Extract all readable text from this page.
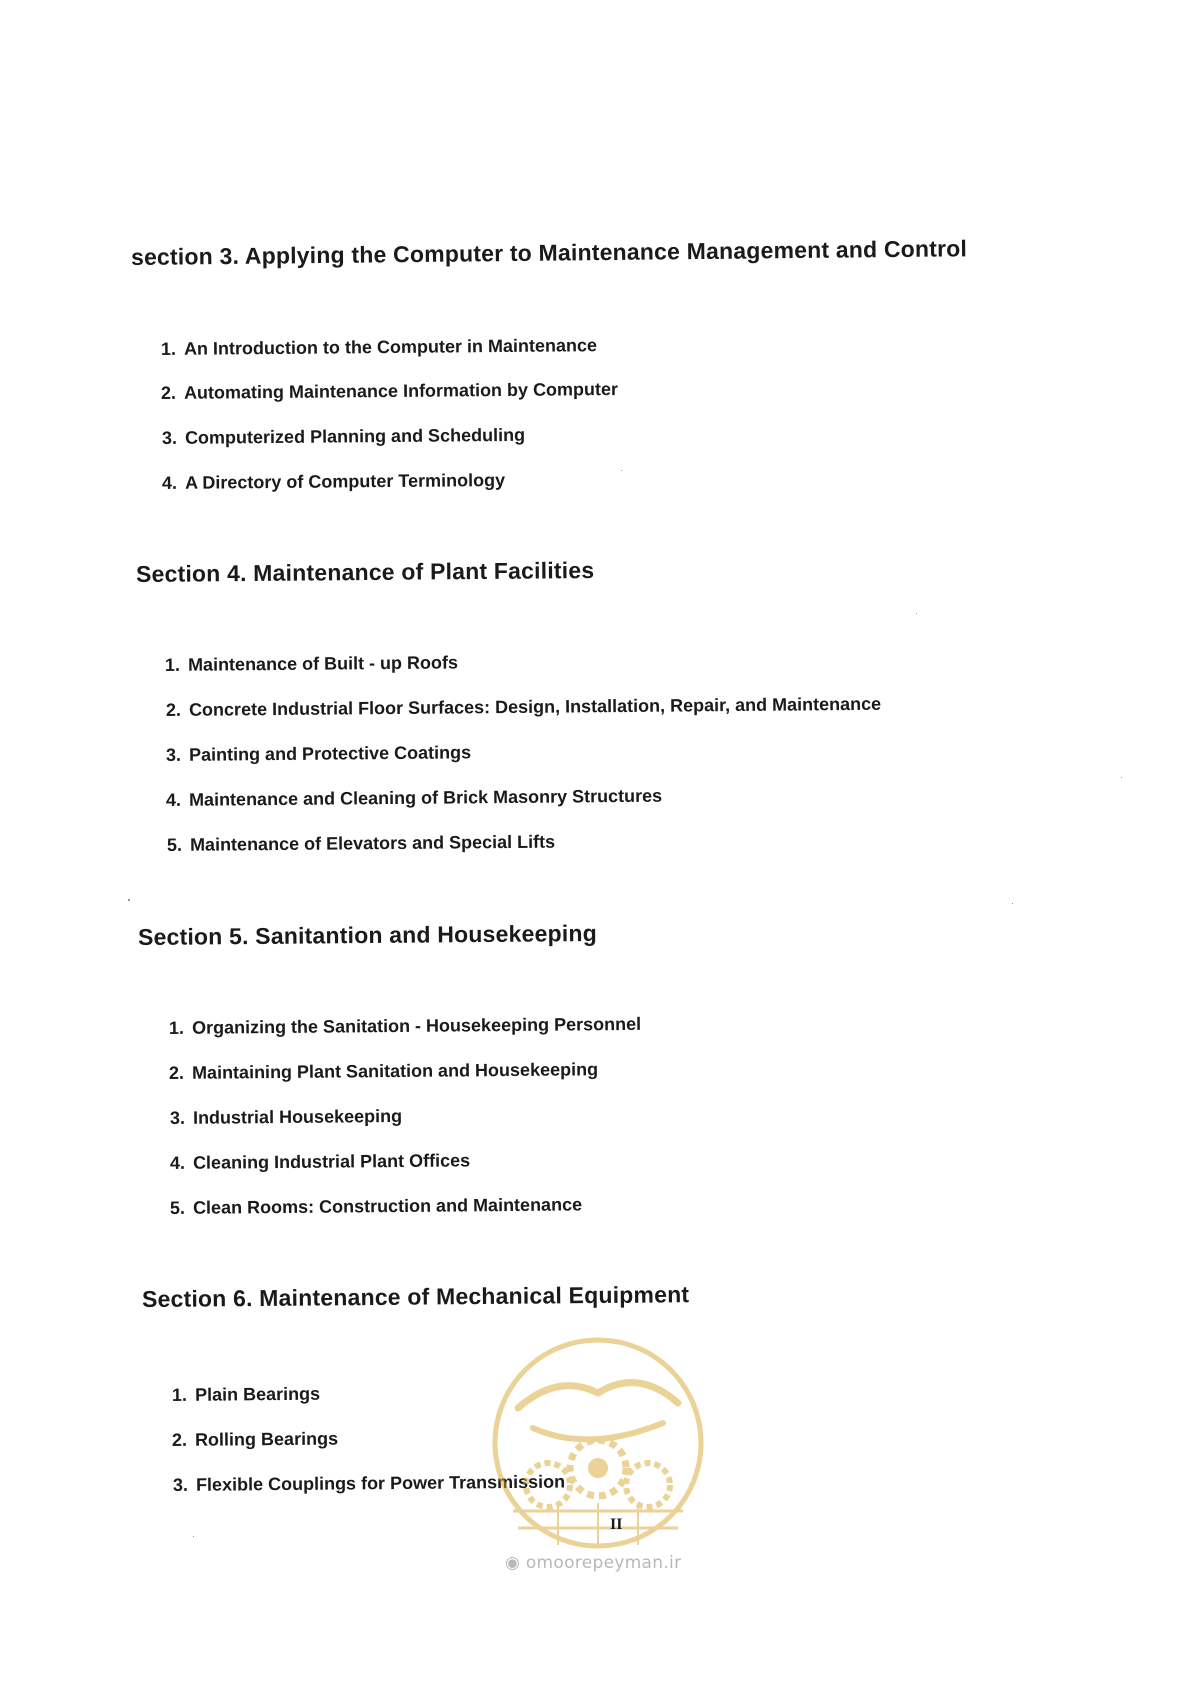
section 3. Applying the Computer to Maintenance Management and Control
1. An Introduction to the Computer in Maintenance
2. Automating Maintenance Information by Computer
3. Computerized Planning and Scheduling
4. A Directory of Computer Terminology
Section 4. Maintenance of Plant Facilities
1. Maintenance of Built - up Roofs
2. Concrete Industrial Floor Surfaces: Design, Installation, Repair, and Maintenance
3. Painting and Protective Coatings
4. Maintenance and Cleaning of Brick Masonry Structures
5. Maintenance of Elevators and Special Lifts
Section 5. Sanitantion and Housekeeping
1. Organizing the Sanitation - Housekeeping Personnel
2. Maintaining Plant Sanitation and Housekeeping
3. Industrial Housekeeping
4. Cleaning Industrial Plant Offices
5. Clean Rooms: Construction and Maintenance
Section 6. Maintenance of Mechanical Equipment
1. Plain Bearings
2. Rolling Bearings
3. Flexible Couplings for Power Transmission
II
◉ omoorepeyman.ir
